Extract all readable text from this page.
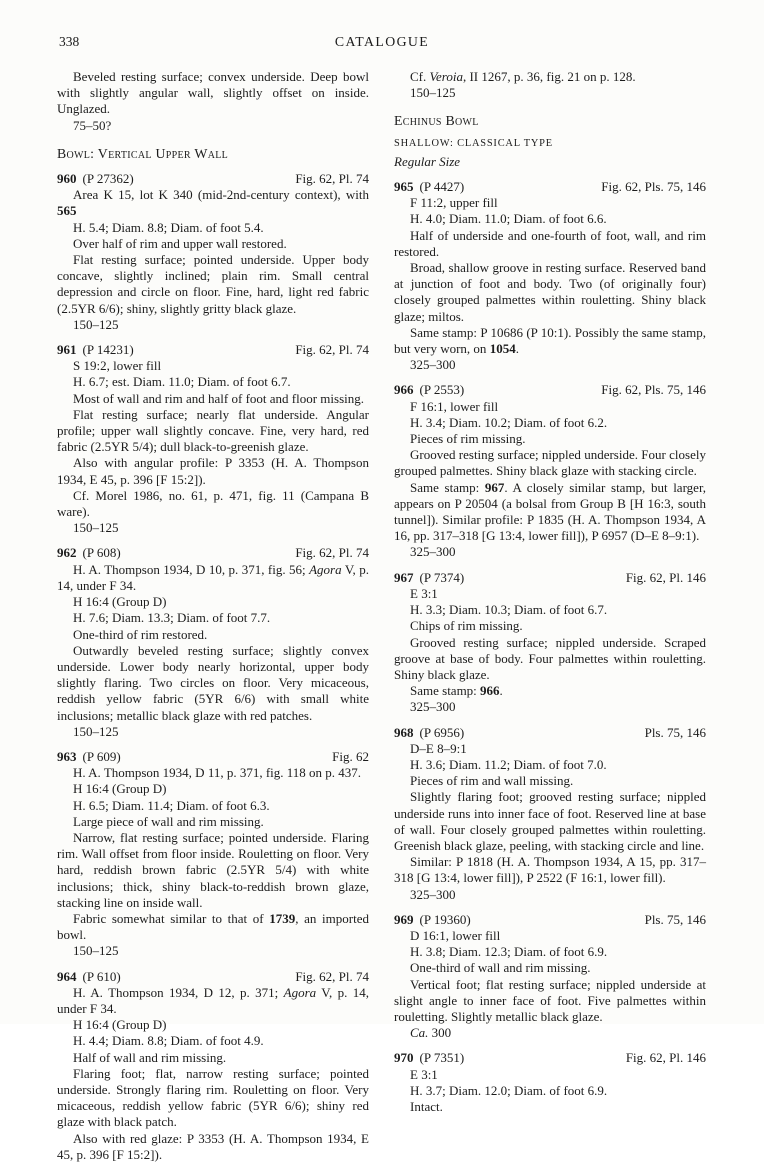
338	CATALOGUE

Beveled resting surface; convex underside. Deep bowl with slightly angular wall, slightly offset on inside. Unglazed.

75–50?

Bowl: Vertical Upper Wall
960 (P 27362)	Fig. 62, Pl. 74

Area K 15, lot K 340 (mid-2nd-century context), with 565

H. 5.4; Diam. 8.8; Diam. of foot 5.4.

Over half of rim and upper wall restored.

Flat resting surface; pointed underside. Upper body concave, slightly inclined; plain rim. Small central depression and circle on floor. Fine, hard, light red fabric (2.5YR 6/6); shiny, slightly gritty black glaze.

150–125

961 (P 14231)	Fig. 62, Pl. 74

S 19:2, lower fill

H. 6.7; est. Diam. 11.0; Diam. of foot 6.7.

Most of wall and rim and half of foot and floor missing.

Flat resting surface; nearly flat underside. Angular profile; upper wall slightly concave. Fine, very hard, red fabric (2.5YR 5/4); dull black-to-greenish glaze.

Also with angular profile: P 3353 (H. A. Thompson 1934, E 45, p. 396 [F 15:2]).

Cf. Morel 1986, no. 61, p. 471, fig. 11 (Campana B ware).

150–125

962 (P 608)	Fig. 62, Pl. 74

H. A. Thompson 1934, D 10, p. 371, fig. 56; Agora V, p. 14, under F 34.

H 16:4 (Group D)

H. 7.6; Diam. 13.3; Diam. of foot 7.7.

One-third of rim restored.

Outwardly beveled resting surface; slightly convex underside. Lower body nearly horizontal, upper body slightly flaring. Two circles on floor. Very micaceous, reddish yellow fabric (5YR 6/6) with small white inclusions; metallic black glaze with red patches.

150–125

963 (P 609)	Fig. 62

H. A. Thompson 1934, D 11, p. 371, fig. 118 on p. 437.

H 16:4 (Group D)

H. 6.5; Diam. 11.4; Diam. of foot 6.3.

Large piece of wall and rim missing.

Narrow, flat resting surface; pointed underside. Flaring rim. Wall offset from floor inside. Rouletting on floor. Very hard, reddish brown fabric (2.5YR 5/4) with white inclusions; thick, shiny black-to-reddish brown glaze, stacking line on inside wall.

Fabric somewhat similar to that of 1739, an imported bowl.

150–125

964 (P 610)	Fig. 62, Pl. 74

H. A. Thompson 1934, D 12, p. 371; Agora V, p. 14, under F 34.

H 16:4 (Group D)

H. 4.4; Diam. 8.8; Diam. of foot 4.9.

Half of wall and rim missing.

Flaring foot; flat, narrow resting surface; pointed underside. Strongly flaring rim. Rouletting on floor. Very micaceous, reddish yellow fabric (5YR 6/6); shiny red glaze with black patch.

Also with red glaze: P 3353 (H. A. Thompson 1934, E 45, p. 396 [F 15:2]).

Cf. Veroia, II 1267, p. 36, fig. 21 on p. 128.

150–125

Echinus Bowl
SHALLOW: CLASSICAL TYPE
Regular Size
965 (P 4427)	Fig. 62, Pls. 75, 146

F 11:2, upper fill

H. 4.0; Diam. 11.0; Diam. of foot 6.6.

Half of underside and one-fourth of foot, wall, and rim restored.

Broad, shallow groove in resting surface. Reserved band at junction of foot and body. Two (of originally four) closely grouped palmettes within rouletting. Shiny black glaze; miltos.

Same stamp: P 10686 (P 10:1). Possibly the same stamp, but very worn, on 1054.

325–300

966 (P 2553)	Fig. 62, Pls. 75, 146

F 16:1, lower fill

H. 3.4; Diam. 10.2; Diam. of foot 6.2.

Pieces of rim missing.

Grooved resting surface; nippled underside. Four closely grouped palmettes. Shiny black glaze with stacking circle.

Same stamp: 967. A closely similar stamp, but larger, appears on P 20504 (a bolsal from Group B [H 16:3, south tunnel]). Similar profile: P 1835 (H. A. Thompson 1934, A 16, pp. 317–318 [G 13:4, lower fill]), P 6957 (D–E 8–9:1).

325–300

967 (P 7374)	Fig. 62, Pl. 146

E 3:1

H. 3.3; Diam. 10.3; Diam. of foot 6.7.

Chips of rim missing.

Grooved resting surface; nippled underside. Scraped groove at base of body. Four palmettes within rouletting. Shiny black glaze.

Same stamp: 966.

325–300

968 (P 6956)	Pls. 75, 146

D–E 8–9:1

H. 3.6; Diam. 11.2; Diam. of foot 7.0.

Pieces of rim and wall missing.

Slightly flaring foot; grooved resting surface; nippled underside runs into inner face of foot. Reserved line at base of wall. Four closely grouped palmettes within rouletting. Greenish black glaze, peeling, with stacking circle and line.

Similar: P 1818 (H. A. Thompson 1934, A 15, pp. 317–318 [G 13:4, lower fill]), P 2522 (F 16:1, lower fill).

325–300

969 (P 19360)	Pls. 75, 146

D 16:1, lower fill

H. 3.8; Diam. 12.3; Diam. of foot 6.9.

One-third of wall and rim missing.

Vertical foot; flat resting surface; nippled underside at slight angle to inner face of foot. Five palmettes within rouletting. Slightly metallic black glaze.

Ca. 300

970 (P 7351)	Fig. 62, Pl. 146

E 3:1

H. 3.7; Diam. 12.0; Diam. of foot 6.9.

Intact.
